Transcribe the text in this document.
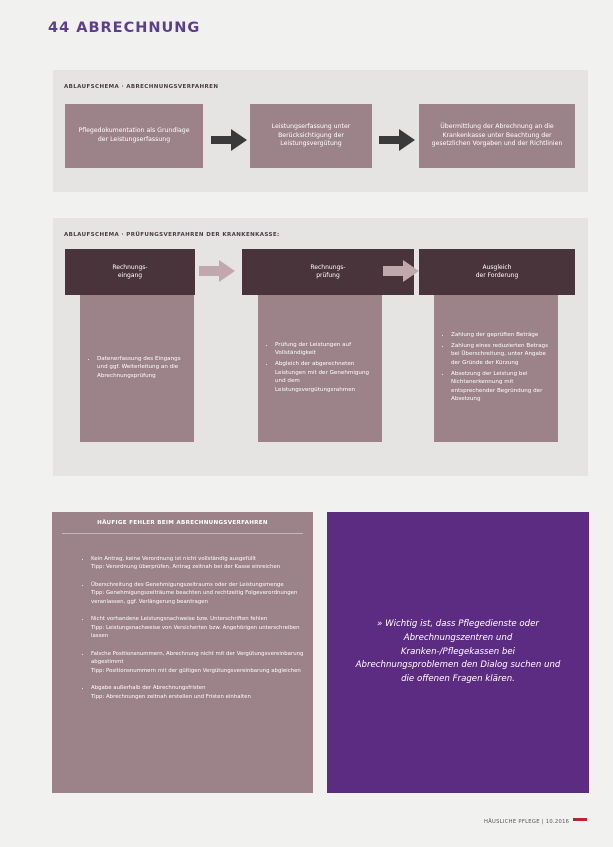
44 ABRECHNUNG
ABLAUFSCHEMA · ABRECHNUNGSVERFAHREN
Pflegedokumentation als Grundlage der Leistungserfassung
Leistungserfassung unter Berücksichtigung der Leistungsvergütung
Übermittlung der Abrechnung an die Krankenkasse unter Beachtung der gesetzlichen Vorgaben und der Richtlinien
ABLAUFSCHEMA · PRÜFUNGSVERFAHREN DER KRANKENKASSE:
Rechnungs-
eingang
Rechnungs-
prüfung
Ausgleich
der Forderung
• Datenerfassung des Eingangs und ggf. Weiterleitung an die Abrechnungsprüfung
• Prüfung der Leistungen auf Vollständigkeit
• Abgleich der abgerechneten Leistungen mit der Genehmigung und dem Leistungsvergütungsrahmen
• Zahlung der geprüften Beträge
• Zahlung eines reduzierten Betrags bei Überschreitung, unter Angabe der Gründe der Kürzung
• Absetzung der Leistung bei Nichtanerkennung mit entsprechender Begründung der Absetzung
HÄUFIGE FEHLER BEIM ABRECHNUNGSVERFAHREN

• Kein Antrag, keine Verordnung ist nicht vollständig ausgefüllt
Tipp: Verordnung überprüfen, Antrag zeitnah bei der Kasse einreichen

• Überschreitung des Genehmigungszeitraums oder der Leistungsmenge
Tipp: Genehmigungszeiträume beachten und rechtzeitig Folgeverordnungen veranlassen, ggf. Verlängerung beantragen

• Nicht vorhandene Leistungsnachweise bzw. Unterschriften fehlen
Tipp: Leistungsnachweise von Versicherten bzw. Angehörigen unterschreiben lassen

• Falsche Positionsnummern, Abrechnung nicht mit der Vergütungsvereinbarung abgestimmt
Tipp: Positionsnummern mit der gültigen Vergütungsvereinbarung abgleichen

• Abgabe außerhalb der Abrechnungsfristen
Tipp: Abrechnungen zeitnah erstellen und Fristen einhalten

» Wichtig ist, dass Pflegedienste oder Abrechnungszentren und Kranken-/Pflegekassen bei Abrechnungsproblemen den Dialog suchen und die offenen Fragen klären.
HÄUSLICHE PFLEGE | 10.2016
